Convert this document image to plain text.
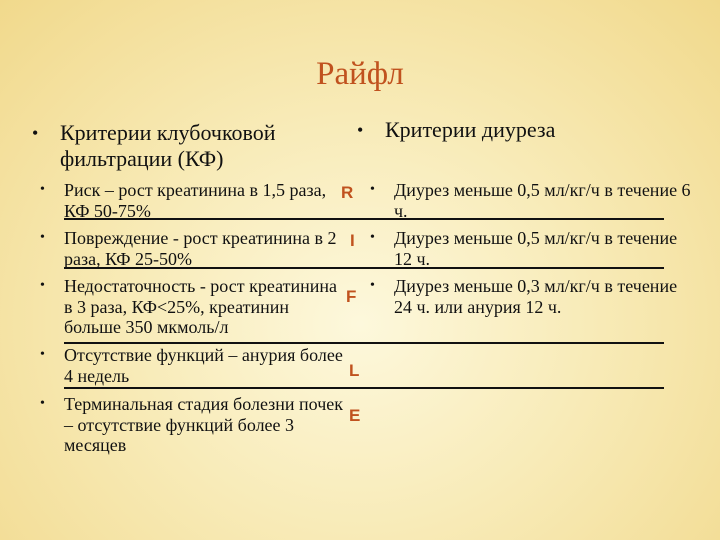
Райфл
• Критерии клубочковой фильтрации (КФ)
• Критерии диуреза
• Риск – рост креатинина в 1,5 раза, КФ 50-75%
• Повреждение - рост креатинина в 2 раза, КФ 25-50%
• Недостаточность - рост креатинина в 3 раза, КФ<25%, креатинин больше 350 мкмоль/л
• Отсутствие функций – анурия более 4 недель
• Терминальная стадия болезни почек – отсутствие функций более 3 месяцев
R
I
F
L
E
• Диурез меньше 0,5 мл/кг/ч в течение 6 ч.
• Диурез меньше 0,5 мл/кг/ч в течение 12 ч.
• Диурез меньше 0,3 мл/кг/ч в течение 24 ч. или анурия 12 ч.
